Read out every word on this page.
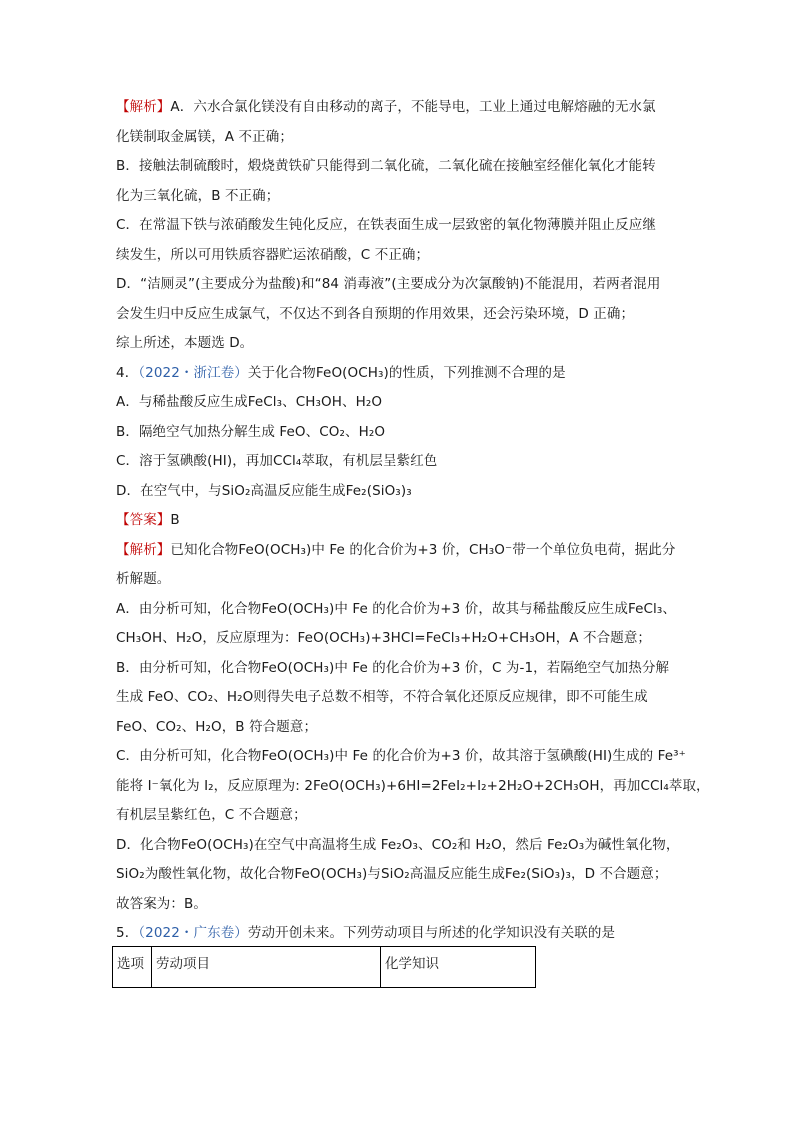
【解析】A．六水合氯化镁没有自由移动的离子，不能导电，工业上通过电解熔融的无水氯
化镁制取金属镁，A 不正确；
B．接触法制硫酸时，煅烧黄铁矿只能得到二氧化硫，二氧化硫在接触室经催化氧化才能转
化为三氧化硫，B 不正确；
C．在常温下铁与浓硝酸发生钝化反应，在铁表面生成一层致密的氧化物薄膜并阻止反应继
续发生，所以可用铁质容器贮运浓硝酸，C 不正确；
D．“洁厕灵”(主要成分为盐酸)和“84 消毒液”(主要成分为次氯酸钠)不能混用，若两者混用
会发生归中反应生成氯气，不仅达不到各自预期的作用效果，还会污染环境，D 正确；
综上所述，本题选 D。
4．（2022・浙江卷）关于化合物FeO(OCH₃)的性质，下列推测不合理的是
A．与稀盐酸反应生成FeCl₃、CH₃OH、H₂O
B．隔绝空气加热分解生成 FeO、CO₂、H₂O
C．溶于氢碘酸(HI)，再加CCl₄萃取，有机层呈紫红色
D．在空气中，与SiO₂高温反应能生成Fe₂(SiO₃)₃
【答案】B
【解析】已知化合物FeO(OCH₃)中 Fe 的化合价为+3 价，CH₃O⁻带一个单位负电荷，据此分
析解题。
A．由分析可知，化合物FeO(OCH₃)中 Fe 的化合价为+3 价，故其与稀盐酸反应生成FeCl₃、
CH₃OH、H₂O，反应原理为：FeO(OCH₃)+3HCl=FeCl₃+H₂O+CH₃OH，A 不合题意；
B．由分析可知，化合物FeO(OCH₃)中 Fe 的化合价为+3 价，C 为-1，若隔绝空气加热分解
生成 FeO、CO₂、H₂O则得失电子总数不相等，不符合氧化还原反应规律，即不可能生成
FeO、CO₂、H₂O，B 符合题意；
C．由分析可知，化合物FeO(OCH₃)中 Fe 的化合价为+3 价，故其溶于氢碘酸(HI)生成的 Fe³⁺
能将 I⁻氧化为 I₂，反应原理为: 2FeO(OCH₃)+6HI=2FeI₂+I₂+2H₂O+2CH₃OH，再加CCl₄萃取，
有机层呈紫红色，C 不合题意；
D．化合物FeO(OCH₃)在空气中高温将生成 Fe₂O₃、CO₂和 H₂O，然后 Fe₂O₃为碱性氧化物，
SiO₂为酸性氧化物，故化合物FeO(OCH₃)与SiO₂高温反应能生成Fe₂(SiO₃)₃，D 不合题意；
故答案为：B。
5．（2022・广东卷）劳动开创未来。下列劳动项目与所述的化学知识没有关联的是
选项	劳动项目	化学知识
